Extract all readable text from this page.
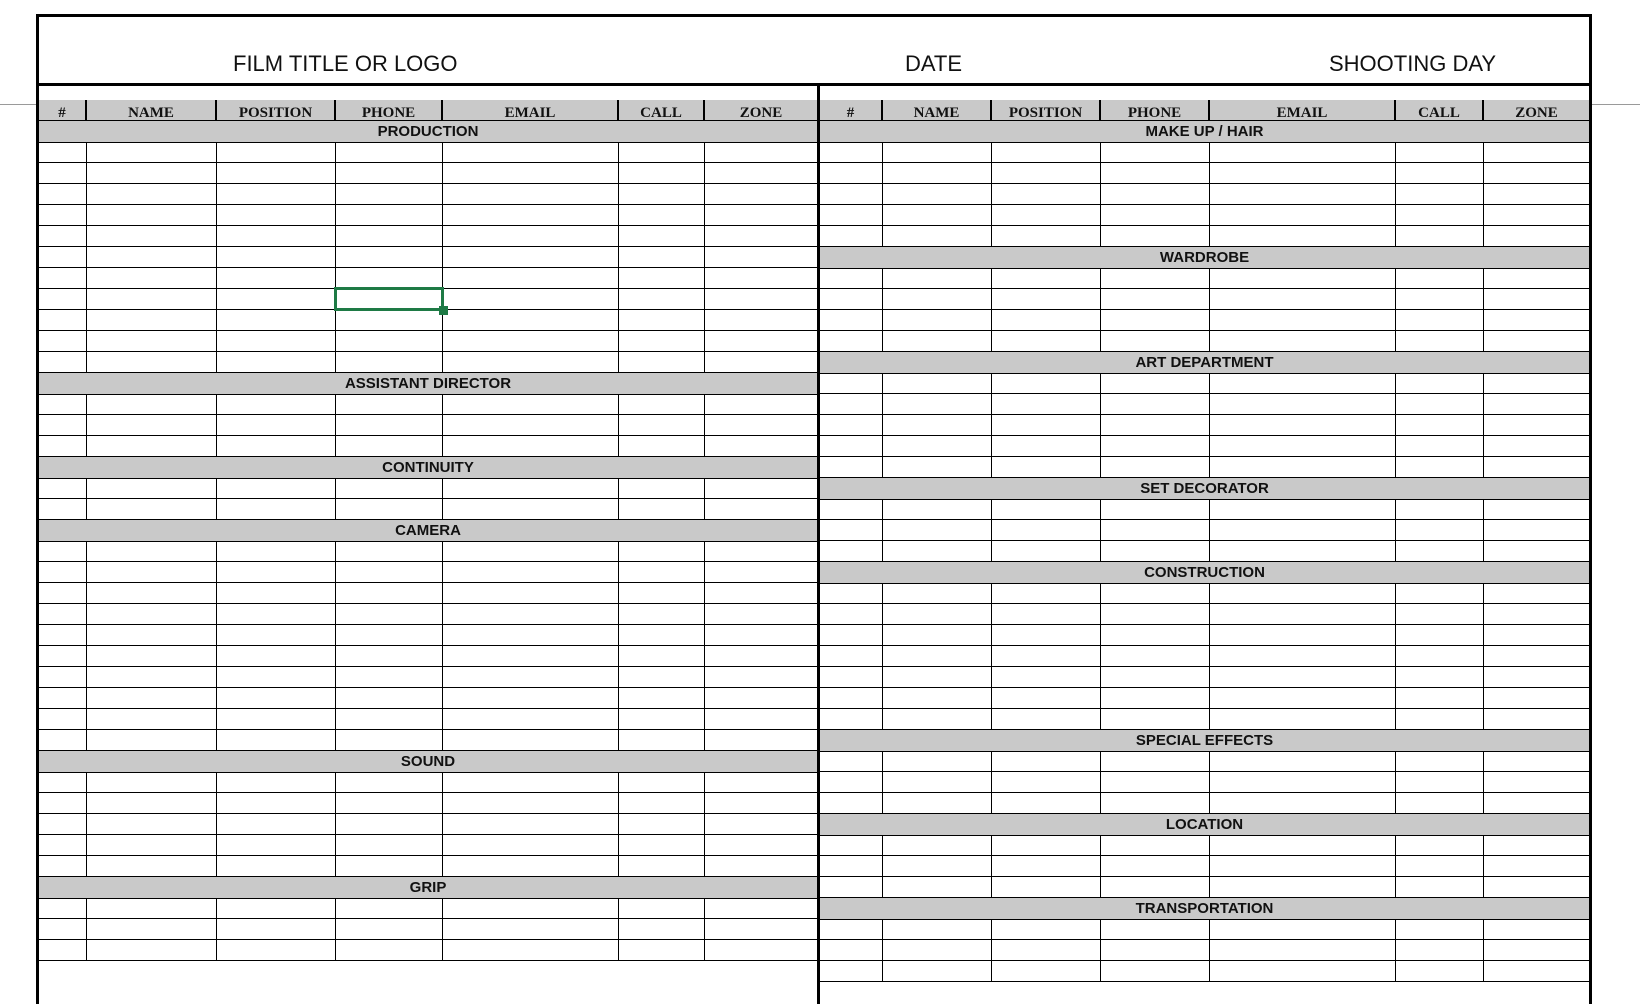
FILM TITLE OR LOGO	DATE	SHOOTING DAY
#	NAME	POSITION	PHONE	EMAIL	CALL	ZONE
PRODUCTION
ASSISTANT DIRECTOR
CONTINUITY
CAMERA
SOUND
GRIP
#	NAME	POSITION	PHONE	EMAIL	CALL	ZONE
MAKE UP / HAIR
WARDROBE
ART DEPARTMENT
SET DECORATOR
CONSTRUCTION
SPECIAL EFFECTS
LOCATION
TRANSPORTATION
